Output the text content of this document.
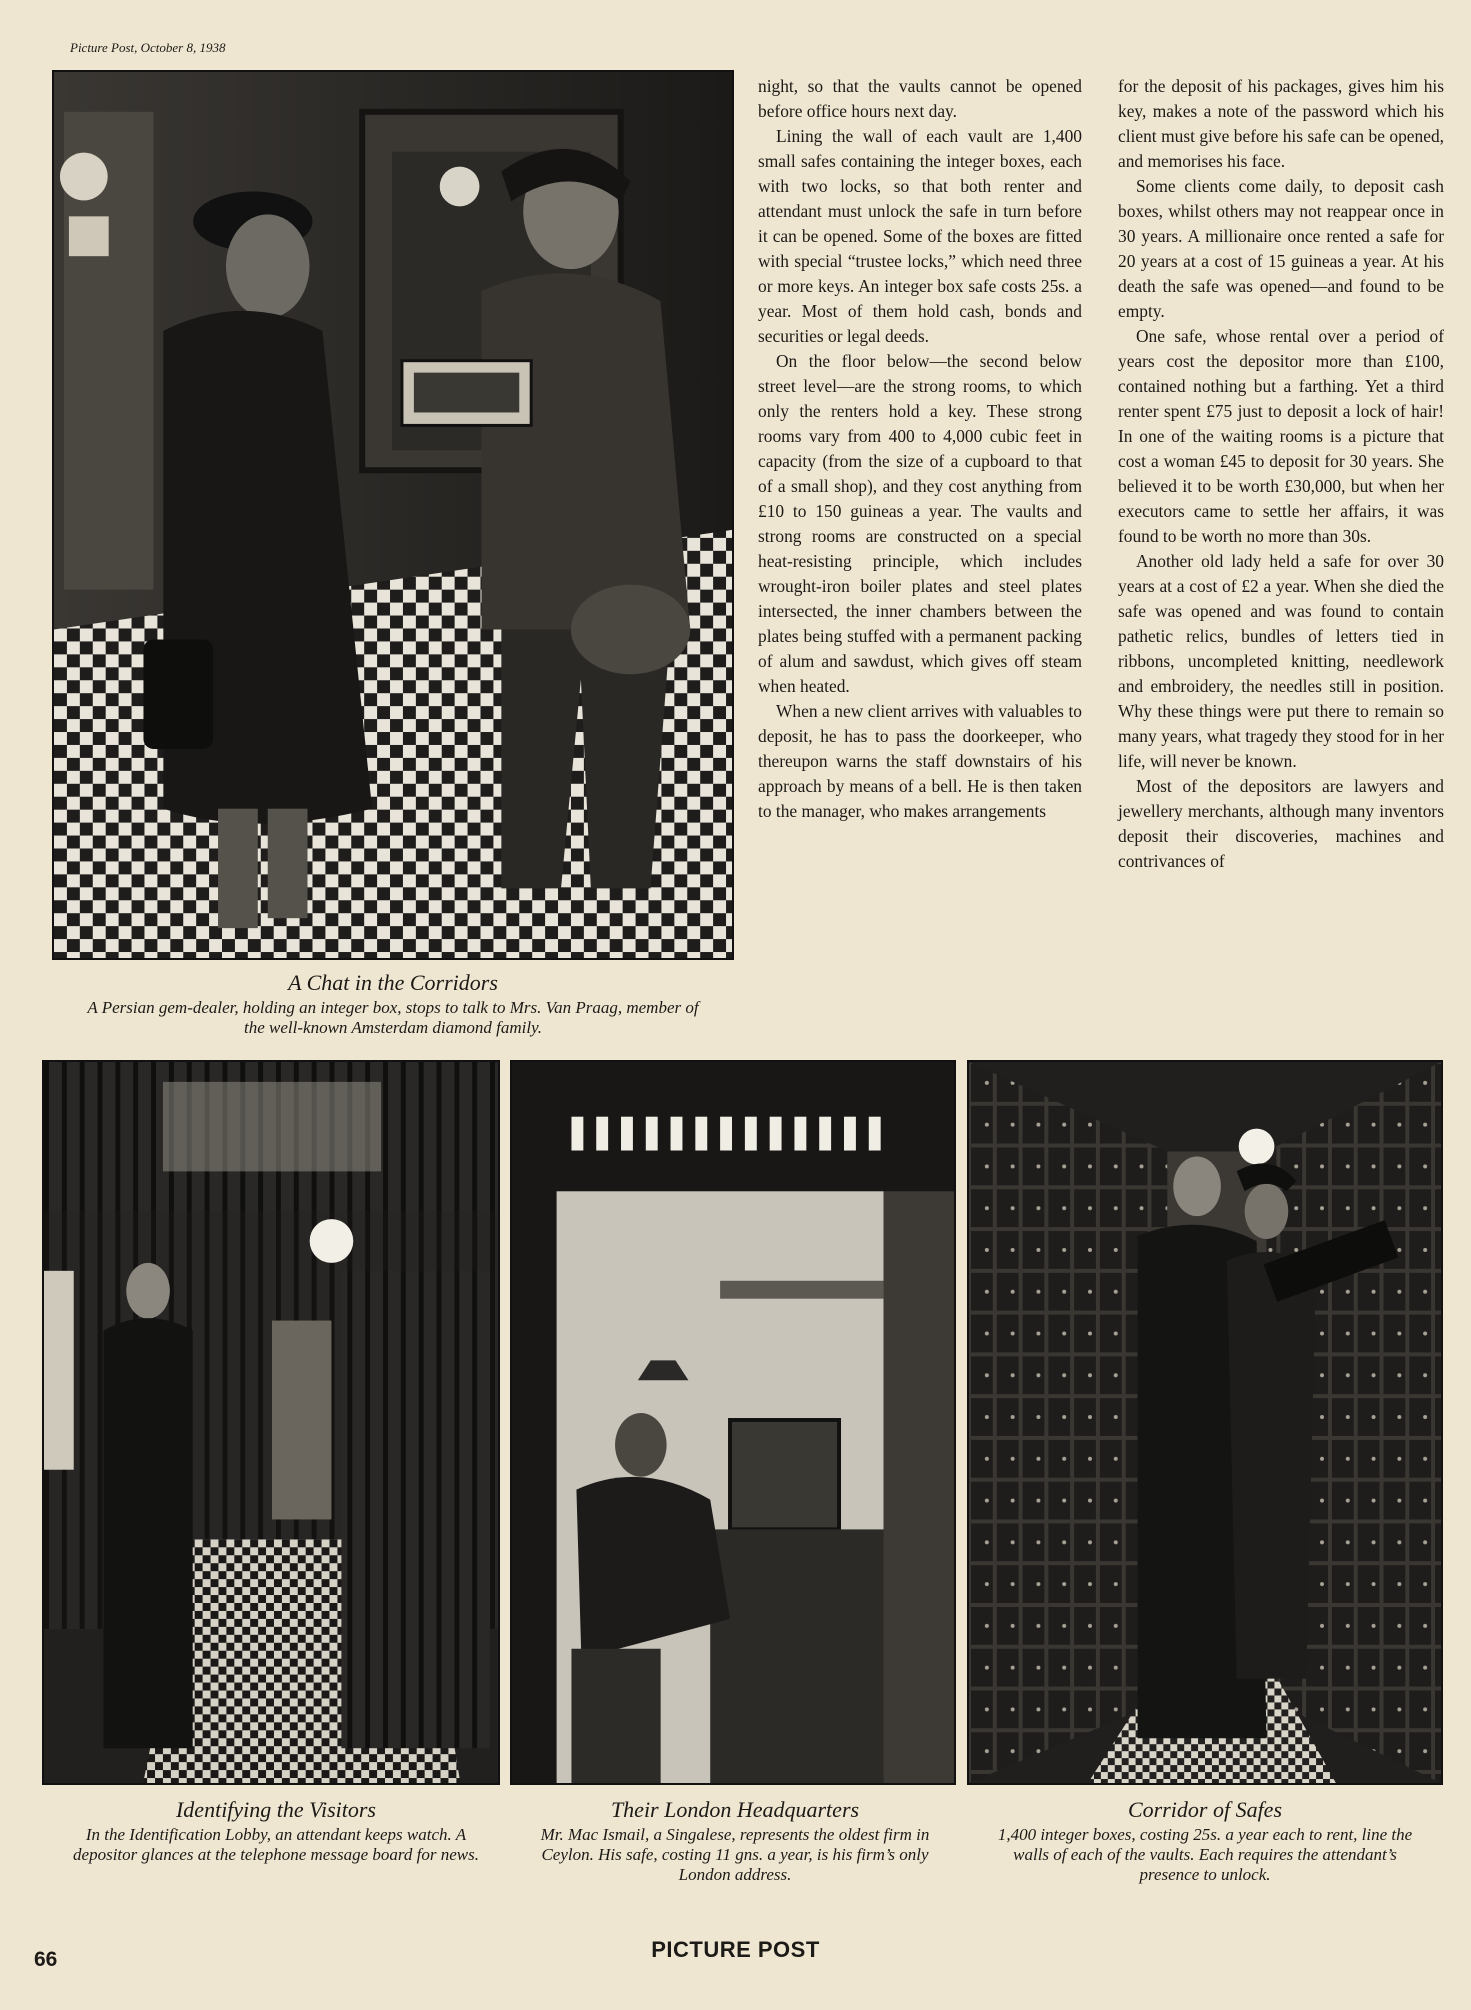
Picture Post, October 8, 1938
A Chat in the Corridors
A Persian gem-dealer, holding an integer box, stops to talk to Mrs. Van Praag, member of the well-known Amsterdam diamond family.

night, so that the vaults cannot be opened before office hours next day.

Lining the wall of each vault are 1,400 small safes containing the integer boxes, each with two locks, so that both renter and attendant must unlock the safe in turn before it can be opened. Some of the boxes are fitted with special “trustee locks,” which need three or more keys. An integer box safe costs 25s. a year. Most of them hold cash, bonds and securities or legal deeds.

On the floor below—the second below street level—are the strong rooms, to which only the renters hold a key. These strong rooms vary from 400 to 4,000 cubic feet in capacity (from the size of a cupboard to that of a small shop), and they cost anything from £10 to 150 guineas a year. The vaults and strong rooms are constructed on a special heat-resisting principle, which includes wrought-iron boiler plates and steel plates intersected, the inner chambers between the plates being stuffed with a permanent packing of alum and sawdust, which gives off steam when heated.

When a new client arrives with valuables to deposit, he has to pass the doorkeeper, who thereupon warns the staff downstairs of his approach by means of a bell. He is then taken to the manager, who makes arrangements

for the deposit of his packages, gives him his key, makes a note of the password which his client must give before his safe can be opened, and memorises his face.

Some clients come daily, to deposit cash boxes, whilst others may not reappear once in 30 years. A millionaire once rented a safe for 20 years at a cost of 15 guineas a year. At his death the safe was opened—and found to be empty.

One safe, whose rental over a period of years cost the depositor more than £100, contained nothing but a farthing. Yet a third renter spent £75 just to deposit a lock of hair! In one of the waiting rooms is a picture that cost a woman £45 to deposit for 30 years. She believed it to be worth £30,000, but when her executors came to settle her affairs, it was found to be worth no more than 30s.

Another old lady held a safe for over 30 years at a cost of £2 a year. When she died the safe was opened and was found to contain pathetic relics, bundles of letters tied in ribbons, uncompleted knitting, needlework and embroidery, the needles still in position. Why these things were put there to remain so many years, what tragedy they stood for in her life, will never be known.

Most of the depositors are lawyers and jewellery merchants, although many inventors deposit their discoveries, machines and contrivances of

Identifying the Visitors
In the Identification Lobby, an attendant keeps watch. A depositor glances at the telephone message board for news.
Their London Headquarters
Mr. Mac Ismail, a Singalese, represents the oldest firm in Ceylon. His safe, costing 11 gns. a year, is his firm’s only London address.
Corridor of Safes
1,400 integer boxes, costing 25s. a year each to rent, line the walls of each of the vaults. Each requires the attendant’s presence to unlock.
66	PICTURE POST
